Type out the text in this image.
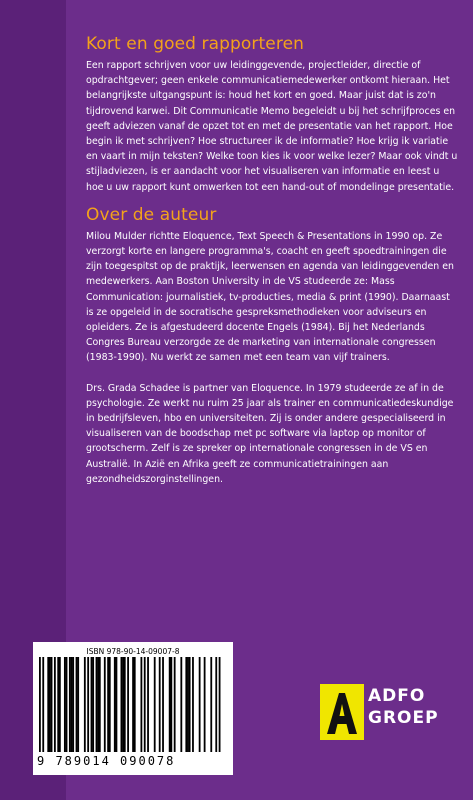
Kort en goed rapporteren

Een rapport schrijven voor uw leidinggevende, projectleider, directie of opdrachtgever; geen enkele communicatiemedewerker ontkomt hieraan. Het belangrijkste uitgangspunt is: houd het kort en goed. Maar juist dat is zo'n tijdrovend karwei. Dit Communicatie Memo begeleidt u bij het schrijfproces en geeft adviezen vanaf de opzet tot en met de presentatie van het rapport. Hoe begin ik met schrijven? Hoe structureer ik de informatie? Hoe krijg ik variatie en vaart in mijn teksten? Welke toon kies ik voor welke lezer? Maar ook vindt u stijladviezen, is er aandacht voor het visualiseren van informatie en leest u hoe u uw rapport kunt omwerken tot een hand-out of mondelinge presentatie.

Over de auteur

Milou Mulder richtte Eloquence, Text Speech & Presentations in 1990 op. Ze verzorgt korte en langere programma's, coacht en geeft spoedtrainingen die zijn toegespitst op de praktijk, leerwensen en agenda van leidinggevenden en medewerkers. Aan Boston University in de VS studeerde ze: Mass Communication: journalistiek, tv-producties, media & print (1990). Daarnaast is ze opgeleid in de socratische gespreksmethodieken voor adviseurs en opleiders. Ze is afgestudeerd docente Engels (1984). Bij het Nederlands Congres Bureau verzorgde ze de marketing van internationale congressen (1983-1990). Nu werkt ze samen met een team van vijf trainers.

Drs. Grada Schadee is partner van Eloquence. In 1979 studeerde ze af in de psychologie. Ze werkt nu ruim 25 jaar als trainer en communicatiedeskundige in bedrijfsleven, hbo en universiteiten. Zij is onder andere gespecialiseerd in visualiseren van de boodschap met pc software via laptop op monitor of grootscherm. Zelf is ze spreker op internationale congressen in de VS en Australië. In Azië en Afrika geeft ze communicatietrainingen aan gezondheidszorginstellingen.

ISBN 978-90-14-09007-8
9 789014 090078
ADFO
GROEP
